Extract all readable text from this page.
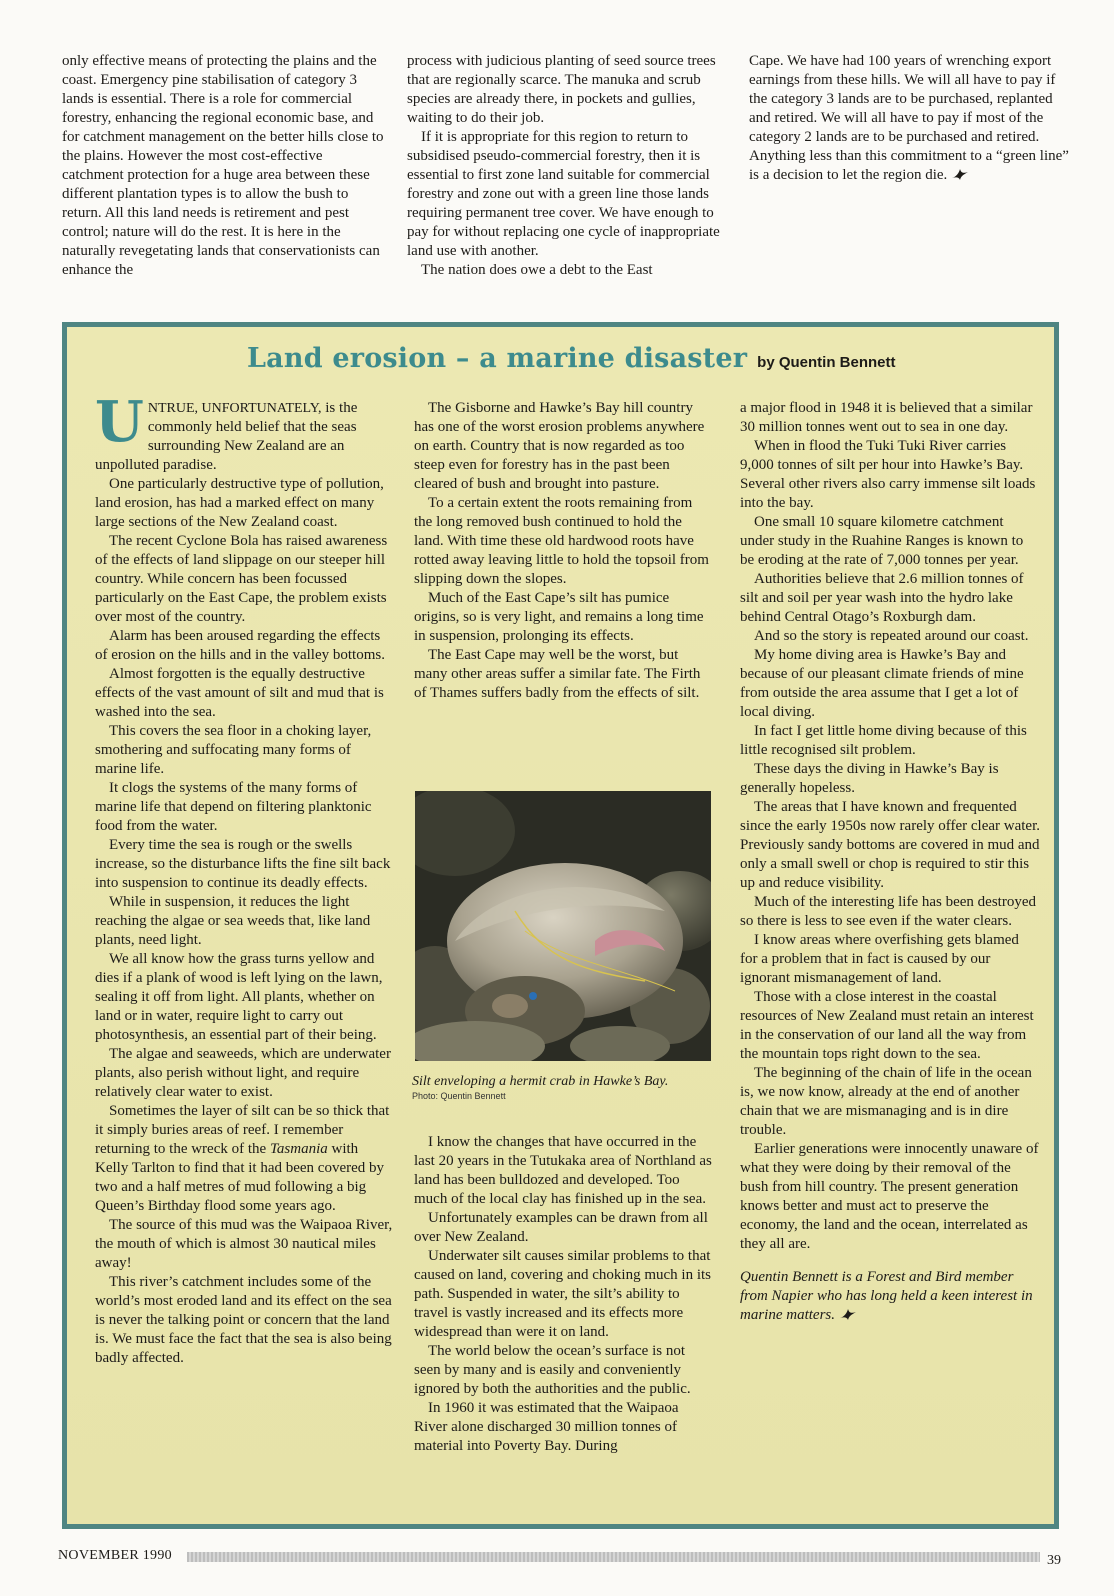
only effective means of protecting the plains and the coast. Emergency pine stabilisation of category 3 lands is essential. There is a role for commercial forestry, enhancing the regional economic base, and for catchment management on the better hills close to the plains. However the most cost-effective catchment protection for a huge area between these different plantation types is to allow the bush to return. All this land needs is retirement and pest control; nature will do the rest. It is here in the naturally revegetating lands that conservationists can enhance the

process with judicious planting of seed source trees that are regionally scarce. The manuka and scrub species are already there, in pockets and gullies, waiting to do their job.

If it is appropriate for this region to return to subsidised pseudo-commercial forestry, then it is essential to first zone land suitable for commercial forestry and zone out with a green line those lands requiring permanent tree cover. We have enough to pay for without replacing one cycle of inappropriate land use with another.

The nation does owe a debt to the East

Cape. We have had 100 years of wrenching export earnings from these hills. We will all have to pay if the category 3 lands are to be purchased, replanted and retired. We will all have to pay if most of the category 2 lands are to be purchased and retired. Anything less than this commitment to a “green line” is a decision to let the region die.

Land erosion – a marine disaster by Quentin Bennett

UNTRUE, UNFORTUNATELY, is the commonly held belief that the seas surrounding New Zealand are an unpolluted paradise.

One particularly destructive type of pollution, land erosion, has had a marked effect on many large sections of the New Zealand coast.

The recent Cyclone Bola has raised awareness of the effects of land slippage on our steeper hill country. While concern has been focussed particularly on the East Cape, the problem exists over most of the country.

Alarm has been aroused regarding the effects of erosion on the hills and in the valley bottoms.

Almost forgotten is the equally destructive effects of the vast amount of silt and mud that is washed into the sea.

This covers the sea floor in a choking layer, smothering and suffocating many forms of marine life.

It clogs the systems of the many forms of marine life that depend on filtering planktonic food from the water.

Every time the sea is rough or the swells increase, so the disturbance lifts the fine silt back into suspension to continue its deadly effects.

While in suspension, it reduces the light reaching the algae or sea weeds that, like land plants, need light.

We all know how the grass turns yellow and dies if a plank of wood is left lying on the lawn, sealing it off from light. All plants, whether on land or in water, require light to carry out photosynthesis, an essential part of their being.

The algae and seaweeds, which are underwater plants, also perish without light, and require relatively clear water to exist.

Sometimes the layer of silt can be so thick that it simply buries areas of reef. I remember returning to the wreck of the Tasmania with Kelly Tarlton to find that it had been covered by two and a half metres of mud following a big Queen’s Birthday flood some years ago.

The source of this mud was the Waipaoa River, the mouth of which is almost 30 nautical miles away!

This river’s catchment includes some of the world’s most eroded land and its effect on the sea is never the talking point or concern that the land is. We must face the fact that the sea is also being badly affected.

The Gisborne and Hawke’s Bay hill country has one of the worst erosion problems anywhere on earth. Country that is now regarded as too steep even for forestry has in the past been cleared of bush and brought into pasture.

To a certain extent the roots remaining from the long removed bush continued to hold the land. With time these old hardwood roots have rotted away leaving little to hold the topsoil from slipping down the slopes.

Much of the East Cape’s silt has pumice origins, so is very light, and remains a long time in suspension, prolonging its effects.

The East Cape may well be the worst, but many other areas suffer a similar fate. The Firth of Thames suffers badly from the effects of silt.

Silt enveloping a hermit crab in Hawke’s Bay.
Photo: Quentin Bennett

I know the changes that have occurred in the last 20 years in the Tutukaka area of Northland as land has been bulldozed and developed. Too much of the local clay has finished up in the sea.

Unfortunately examples can be drawn from all over New Zealand.

Underwater silt causes similar problems to that caused on land, covering and choking much in its path. Suspended in water, the silt’s ability to travel is vastly increased and its effects more widespread than were it on land.

The world below the ocean’s surface is not seen by many and is easily and conveniently ignored by both the authorities and the public.

In 1960 it was estimated that the Waipaoa River alone discharged 30 million tonnes of material into Poverty Bay. During

a major flood in 1948 it is believed that a similar 30 million tonnes went out to sea in one day.

When in flood the Tuki Tuki River carries 9,000 tonnes of silt per hour into Hawke’s Bay. Several other rivers also carry immense silt loads into the bay.

One small 10 square kilometre catchment under study in the Ruahine Ranges is known to be eroding at the rate of 7,000 tonnes per year.

Authorities believe that 2.6 million tonnes of silt and soil per year wash into the hydro lake behind Central Otago’s Roxburgh dam.

And so the story is repeated around our coast.

My home diving area is Hawke’s Bay and because of our pleasant climate friends of mine from outside the area assume that I get a lot of local diving.

In fact I get little home diving because of this little recognised silt problem.

These days the diving in Hawke’s Bay is generally hopeless.

The areas that I have known and frequented since the early 1950s now rarely offer clear water. Previously sandy bottoms are covered in mud and only a small swell or chop is required to stir this up and reduce visibility.

Much of the interesting life has been destroyed so there is less to see even if the water clears.

I know areas where overfishing gets blamed for a problem that in fact is caused by our ignorant mismanagement of land.

Those with a close interest in the coastal resources of New Zealand must retain an interest in the conservation of our land all the way from the mountain tops right down to the sea.

The beginning of the chain of life in the ocean is, we now know, already at the end of another chain that we are mismanaging and is in dire trouble.

Earlier generations were innocently unaware of what they were doing by their removal of the bush from hill country. The present generation knows better and must act to preserve the economy, the land and the ocean, interrelated as they all are.

Quentin Bennett is a Forest and Bird member from Napier who has long held a keen interest in marine matters.

NOVEMBER 1990	39
